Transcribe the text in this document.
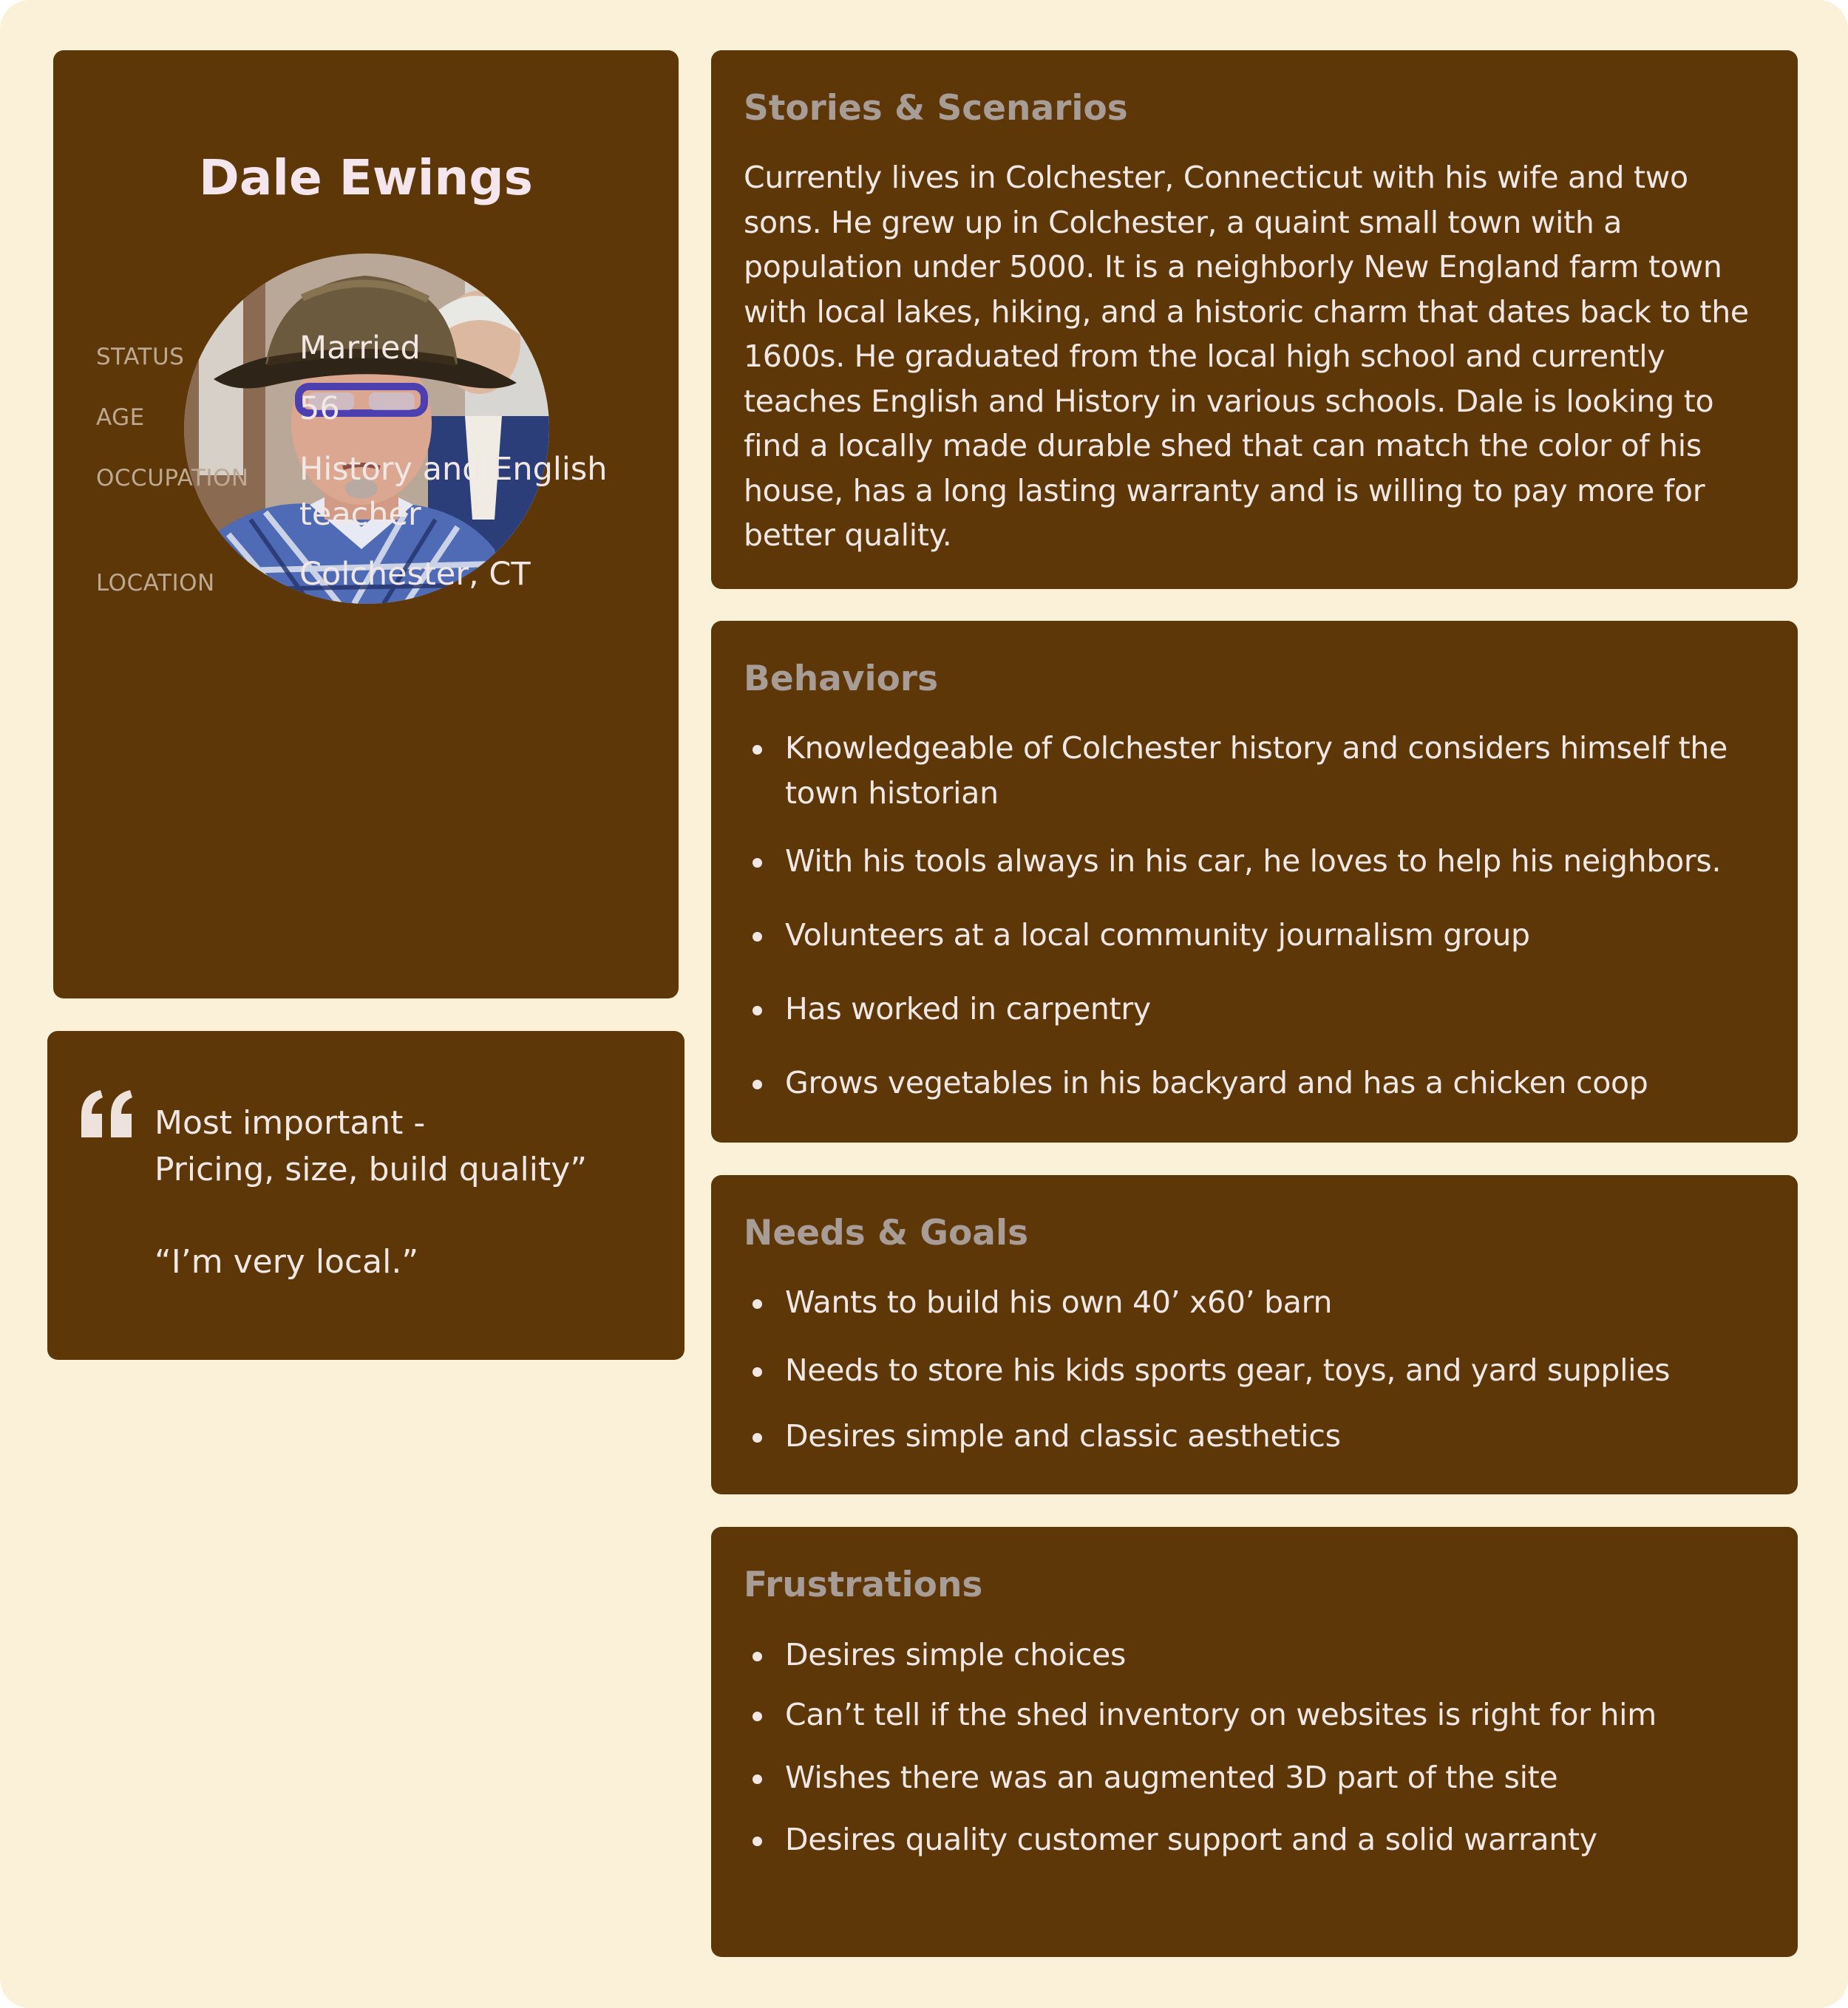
Dale Ewings
STATUS	Married
AGE	56
OCCUPATION History and English teacher
LOCATION	Colchester, CT

Most important -

Pricing, size, build quality”

“I’m very local.”

Stories & Scenarios
Currently lives in Colchester, Connecticut with his wife and two sons. He grew up in Colchester, a quaint small town with a population under 5000. It is a neighborly New England farm town with local lakes, hiking, and a historic charm that dates back to the 1600s. He graduated from the local high school and currently teaches English and History in various schools. Dale is looking to find a locally made durable shed that can match the color of his house, has a long lasting warranty and is willing to pay more for better quality.
Behaviors
Knowledgeable of Colchester history and considers himself the town historian
With his tools always in his car, he loves to help his neighbors.
Volunteers at a local community journalism group
Has worked in carpentry
Grows vegetables in his backyard and has a chicken coop
Needs & Goals
Wants to build his own 40’ x60’ barn
Needs to store his kids sports gear, toys, and yard supplies
Desires simple and classic aesthetics
Frustrations
Desires simple choices
Can’t tell if the shed inventory on websites is right for him
Wishes there was an augmented 3D part of the site
Desires quality customer support and a solid warranty
